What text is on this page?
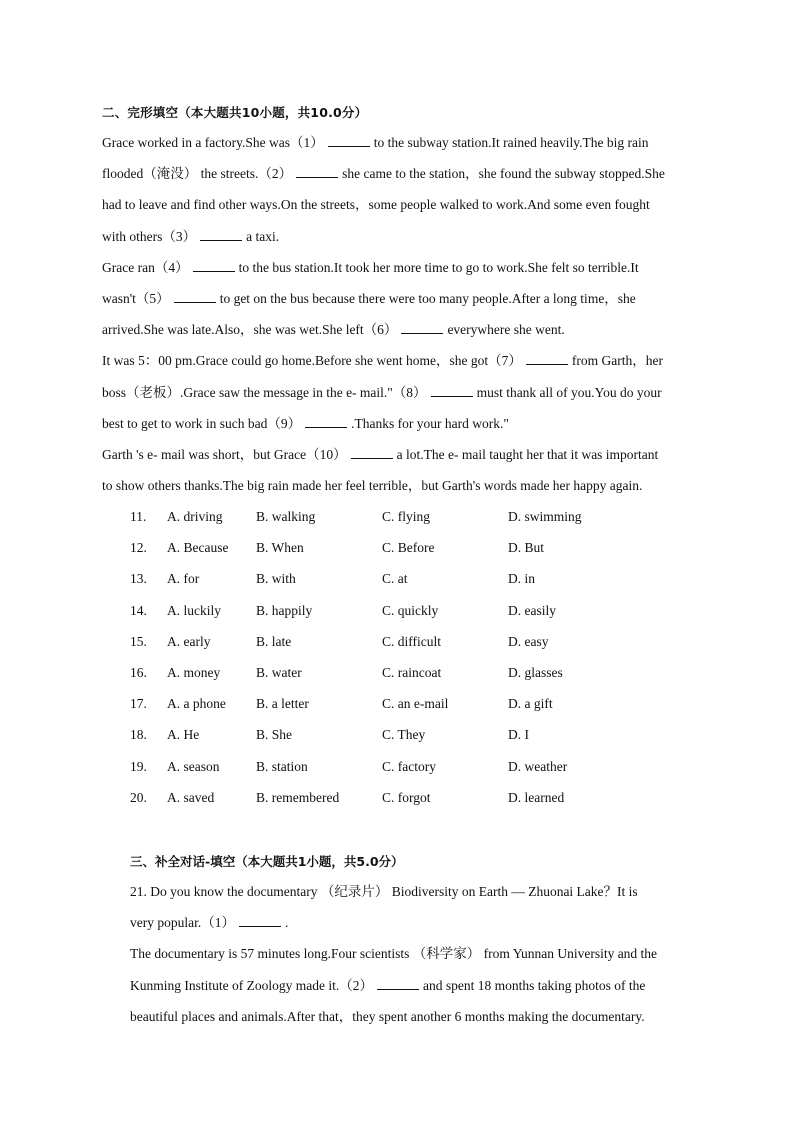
二、完形填空（本大题共10小题，共10.0分）
Grace worked in a factory.She was（1）	to the subway station.It rained heavily.The big rain
flooded（淹没） the streets.（2）	she came to the station，she found the subway stopped.She
had to leave and find other ways.On the streets，some people walked to work.And some even fought
with others（3）	a taxi.
Grace ran（4）	to the bus station.It took her more time to go to work.She felt so terrible.It
wasn't（5）	to get on the bus because there were too many people.After a long time，she
arrived.She was late.Also，she was wet.She left（6）	everywhere she went.
It was 5：00 pm.Grace could go home.Before she went home，she got（7）	from Garth，her
boss（老板）.Grace saw the message in the e- mail."（8）	must thank all of you.You do your
best to get to work in such bad（9）	.Thanks for your hard work."
Garth 's e- mail was short，but Grace（10）	a lot.The e- mail taught her that it was important
to show others thanks.The big rain made her feel terrible，but Garth's words made her happy again.
11. A. driving B. walking	C. flying	D. swimming
12. A. Because B. When	C. Before	D. But
13. A. for	B. with	C. at	D. in
14. A. luckily	B. happily	C. quickly	D. easily
15. A. early	B. late	C. difficult	D. easy
16. A. money	B. water	C. raincoat	D. glasses
17. A. a phone B. a letter	C. an e-mail	D. a gift
18. A. He	B. She	C. They	D. I
19. A. season	B. station	C. factory	D. weather
20. A. saved	B. remembered	C. forgot	D. learned
三、补全对话-填空（本大题共1小题，共5.0分）
21. Do you know the documentary （纪录片） Biodiversity on Earth — Zhuonai Lake？It is
very popular.（1）	.
The documentary is 57 minutes long.Four scientists （科学家） from Yunnan University and the
Kunming Institute of Zoology made it.（2）	and spent 18 months taking photos of the
beautiful places and animals.After that，they spent another 6 months making the documentary.
